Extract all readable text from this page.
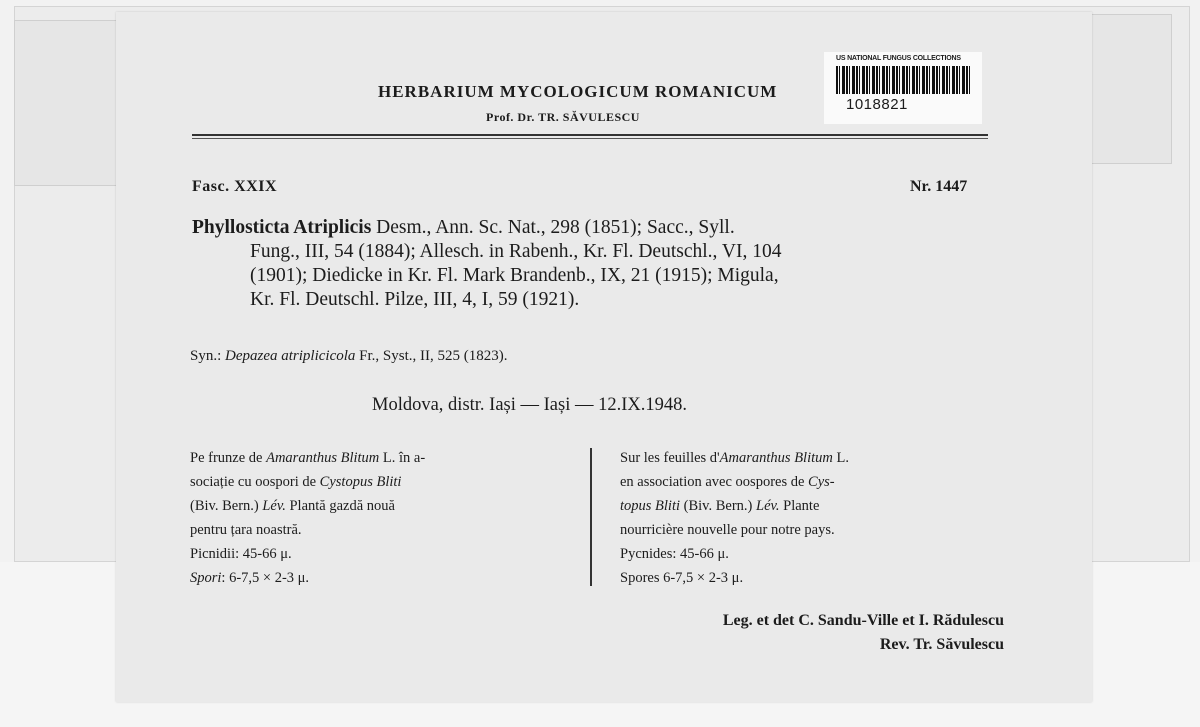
HERBARIUM MYCOLOGICUM ROMANICUM
Prof. Dr. TR. SĂVULESCU
US NATIONAL FUNGUS COLLECTIONS
1018821
Fasc. XXIX	Nr. 1447
Phyllosticta Atriplicis Desm., Ann. Sc. Nat., 298 (1851); Sacc., Syll.
Fung., III, 54 (1884); Allesch. in Rabenh., Kr. Fl. Deutschl., VI, 104
(1901); Diedicke in Kr. Fl. Mark Brandenb., IX, 21 (1915); Migula,
Kr. Fl. Deutschl. Pilze, III, 4, I, 59 (1921).
Syn.: Depazea atriplicicola Fr., Syst., II, 525 (1823).
Moldova, distr. Iași — Iași — 12.IX.1948.
Pe frunze de Amaranthus Blitum L. în a-
sociație cu oospori de Cystopus Bliti
(Biv. Bern.) Lév. Plantă gazdă nouă
pentru țara noastră.
Picnidii: 45-66 μ.
Spori: 6-7,5 × 2-3 μ.
Sur les feuilles d'Amaranthus Blitum L.
en association avec oospores de Cys-
topus Bliti (Biv. Bern.) Lév. Plante
nourricière nouvelle pour notre pays.
Pycnides: 45-66 μ.
Spores 6-7,5 × 2-3 μ.
Leg. et det C. Sandu-Ville et I. Rădulescu
Rev. Tr. Săvulescu
